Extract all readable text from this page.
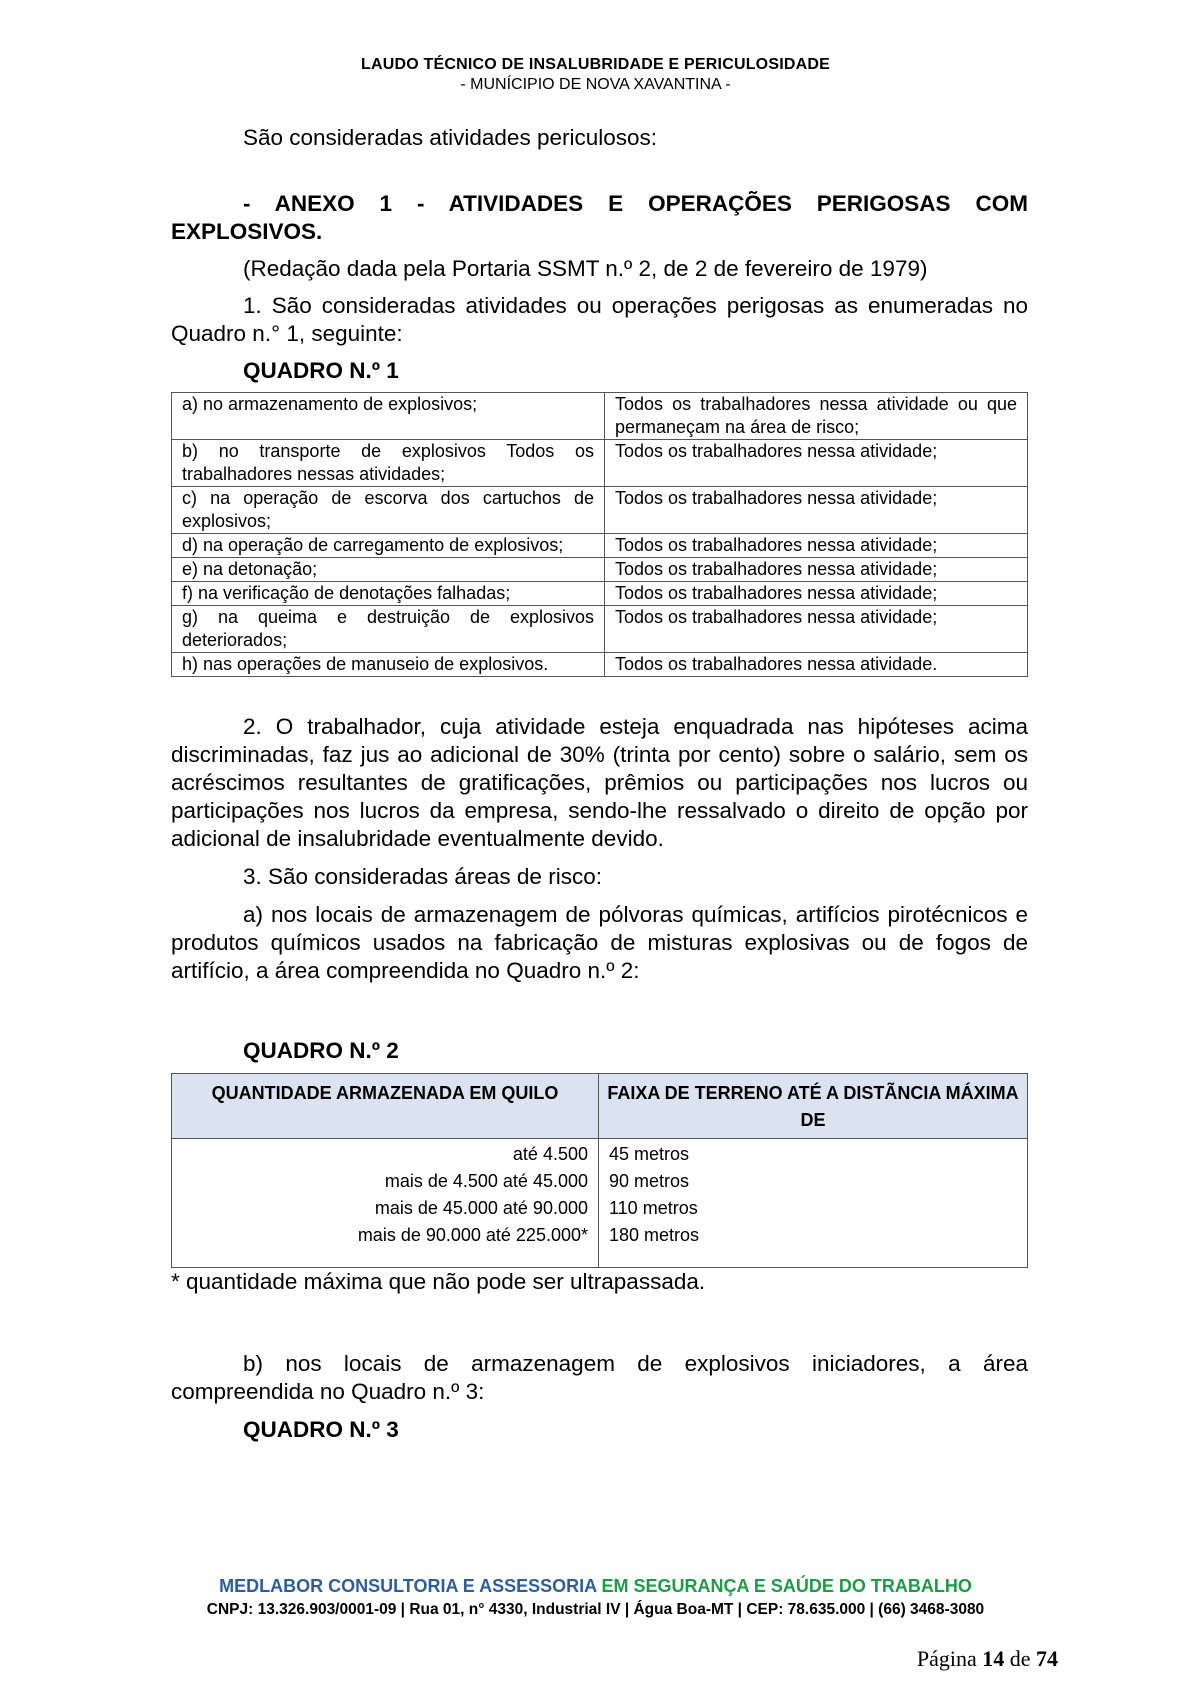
LAUDO TÉCNICO DE INSALUBRIDADE E PERICULOSIDADE
- MUNÍCIPIO DE NOVA XAVANTINA -

São consideradas atividades periculosos:

- ANEXO 1 - ATIVIDADES E OPERAÇÕES PERIGOSAS COM EXPLOSIVOS.

(Redação dada pela Portaria SSMT n.º 2, de 2 de fevereiro de 1979)

1. São consideradas atividades ou operações perigosas as enumeradas no Quadro n.° 1, seguinte:

QUADRO N.º 1

a) no armazenamento de explosivos;	Todos os trabalhadores nessa atividade ou que permaneçam na área de risco;

b) no transporte de explosivos Todos os trabalhadores nessas atividades;	Todos os trabalhadores nessa atividade;

c) na operação de escorva dos cartuchos de explosivos;	Todos os trabalhadores nessa atividade;

d) na operação de carregamento de explosivos;	Todos os trabalhadores nessa atividade;

e) na detonação;	Todos os trabalhadores nessa atividade;

f) na verificação de denotações falhadas;	Todos os trabalhadores nessa atividade;

g) na queima e destruição de explosivos deteriorados;	Todos os trabalhadores nessa atividade;

h) nas operações de manuseio de explosivos.	Todos os trabalhadores nessa atividade.

2. O trabalhador, cuja atividade esteja enquadrada nas hipóteses acima discriminadas, faz jus ao adicional de 30% (trinta por cento) sobre o salário, sem os acréscimos resultantes de gratificações, prêmios ou participações nos lucros ou participações nos lucros da empresa, sendo-lhe ressalvado o direito de opção por adicional de insalubridade eventualmente devido.

3. São consideradas áreas de risco:

a) nos locais de armazenagem de pólvoras químicas, artifícios pirotécnicos e produtos químicos usados na fabricação de misturas explosivas ou de fogos de artifício, a área compreendida no Quadro n.º 2:

QUADRO N.º 2

QUANTIDADE ARMAZENADA EM QUILO	FAIXA DE TERRENO ATÉ A DISTÃNCIA MÁXIMA DE
até 4.500	45 metros
mais de 4.500 até 45.000	90 metros
mais de 45.000 até 90.000	110 metros
mais de 90.000 até 225.000*	180 metros

* quantidade máxima que não pode ser ultrapassada.

b) nos locais de armazenagem de explosivos iniciadores, a área compreendida no Quadro n.º 3:

QUADRO N.º 3

MEDLABOR CONSULTORIA E ASSESSORIA EM SEGURANÇA E SAÚDE DO TRABALHO
CNPJ: 13.326.903/0001-09 | Rua 01, n° 4330, Industrial IV | Água Boa-MT | CEP: 78.635.000 | (66) 3468-3080
Página 14 de 74
